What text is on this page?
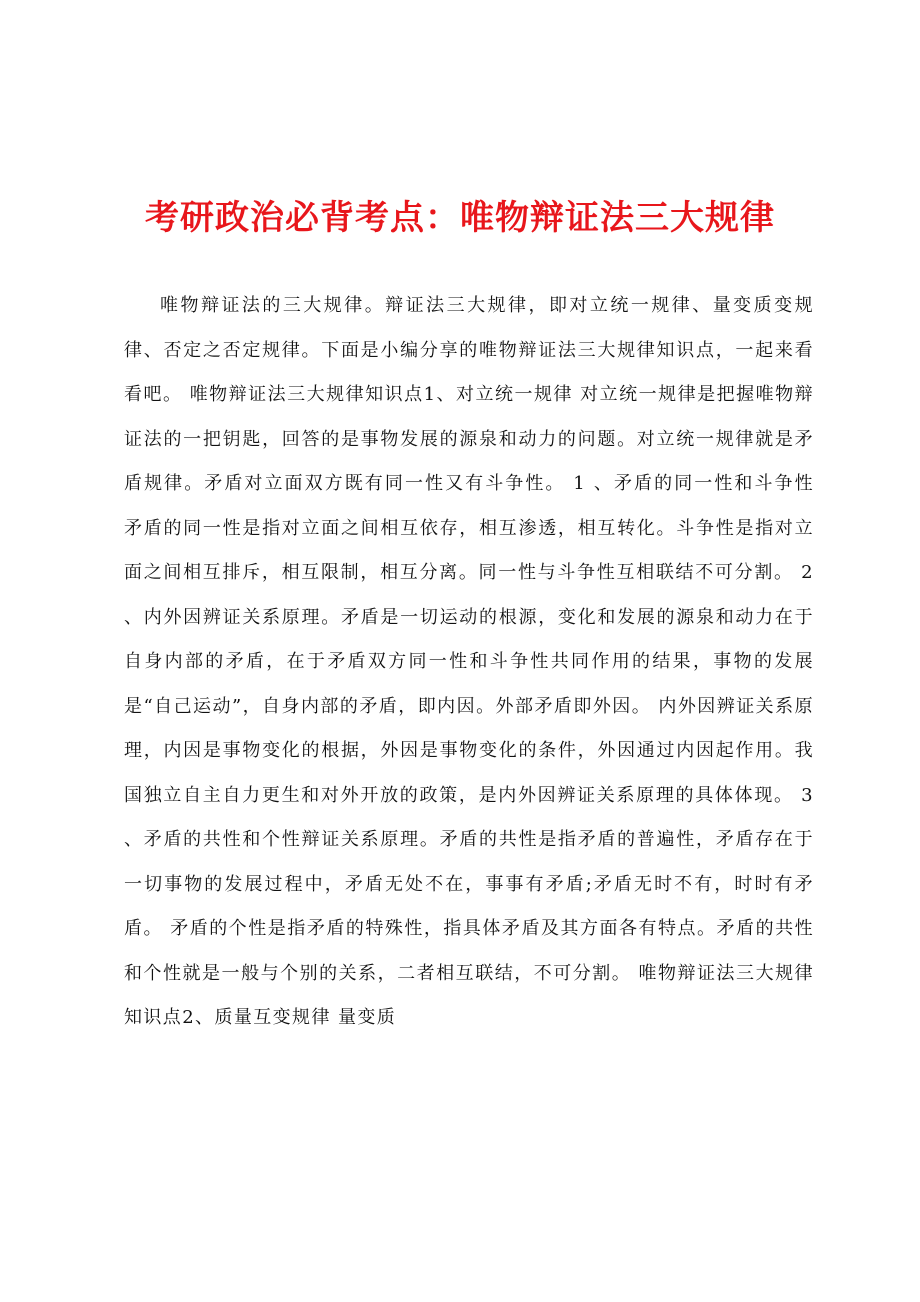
考研政治必背考点：唯物辩证法三大规律

唯物辩证法的三大规律。辩证法三大规律，即对立统一规律、量变质变规律、否定之否定规律。下面是小编分享的唯物辩证法三大规律知识点，一起来看看吧。 唯物辩证法三大规律知识点1、对立统一规律 对立统一规律是把握唯物辩证法的一把钥匙，回答的是事物发展的源泉和动力的问题。对立统一规律就是矛盾规律。矛盾对立面双方既有同一性又有斗争性。 1 、矛盾的同一性和斗争性 矛盾的同一性是指对立面之间相互依存，相互渗透，相互转化。斗争性是指对立面之间相互排斥，相互限制，相互分离。同一性与斗争性互相联结不可分割。 2 、内外因辨证关系原理。矛盾是一切运动的根源，变化和发展的源泉和动力在于自身内部的矛盾，在于矛盾双方同一性和斗争性共同作用的结果，事物的发展是“自己运动”，自身内部的矛盾，即内因。外部矛盾即外因。 内外因辨证关系原理，内因是事物变化的根据，外因是事物变化的条件，外因通过内因起作用。我国独立自主自力更生和对外开放的政策，是内外因辨证关系原理的具体体现。 3 、矛盾的共性和个性辩证关系原理。矛盾的共性是指矛盾的普遍性，矛盾存在于一切事物的发展过程中，矛盾无处不在，事事有矛盾;矛盾无时不有，时时有矛盾。 矛盾的个性是指矛盾的特殊性，指具体矛盾及其方面各有特点。矛盾的共性和个性就是一般与个别的关系，二者相互联结，不可分割。 唯物辩证法三大规律知识点2、质量互变规律 量变质
